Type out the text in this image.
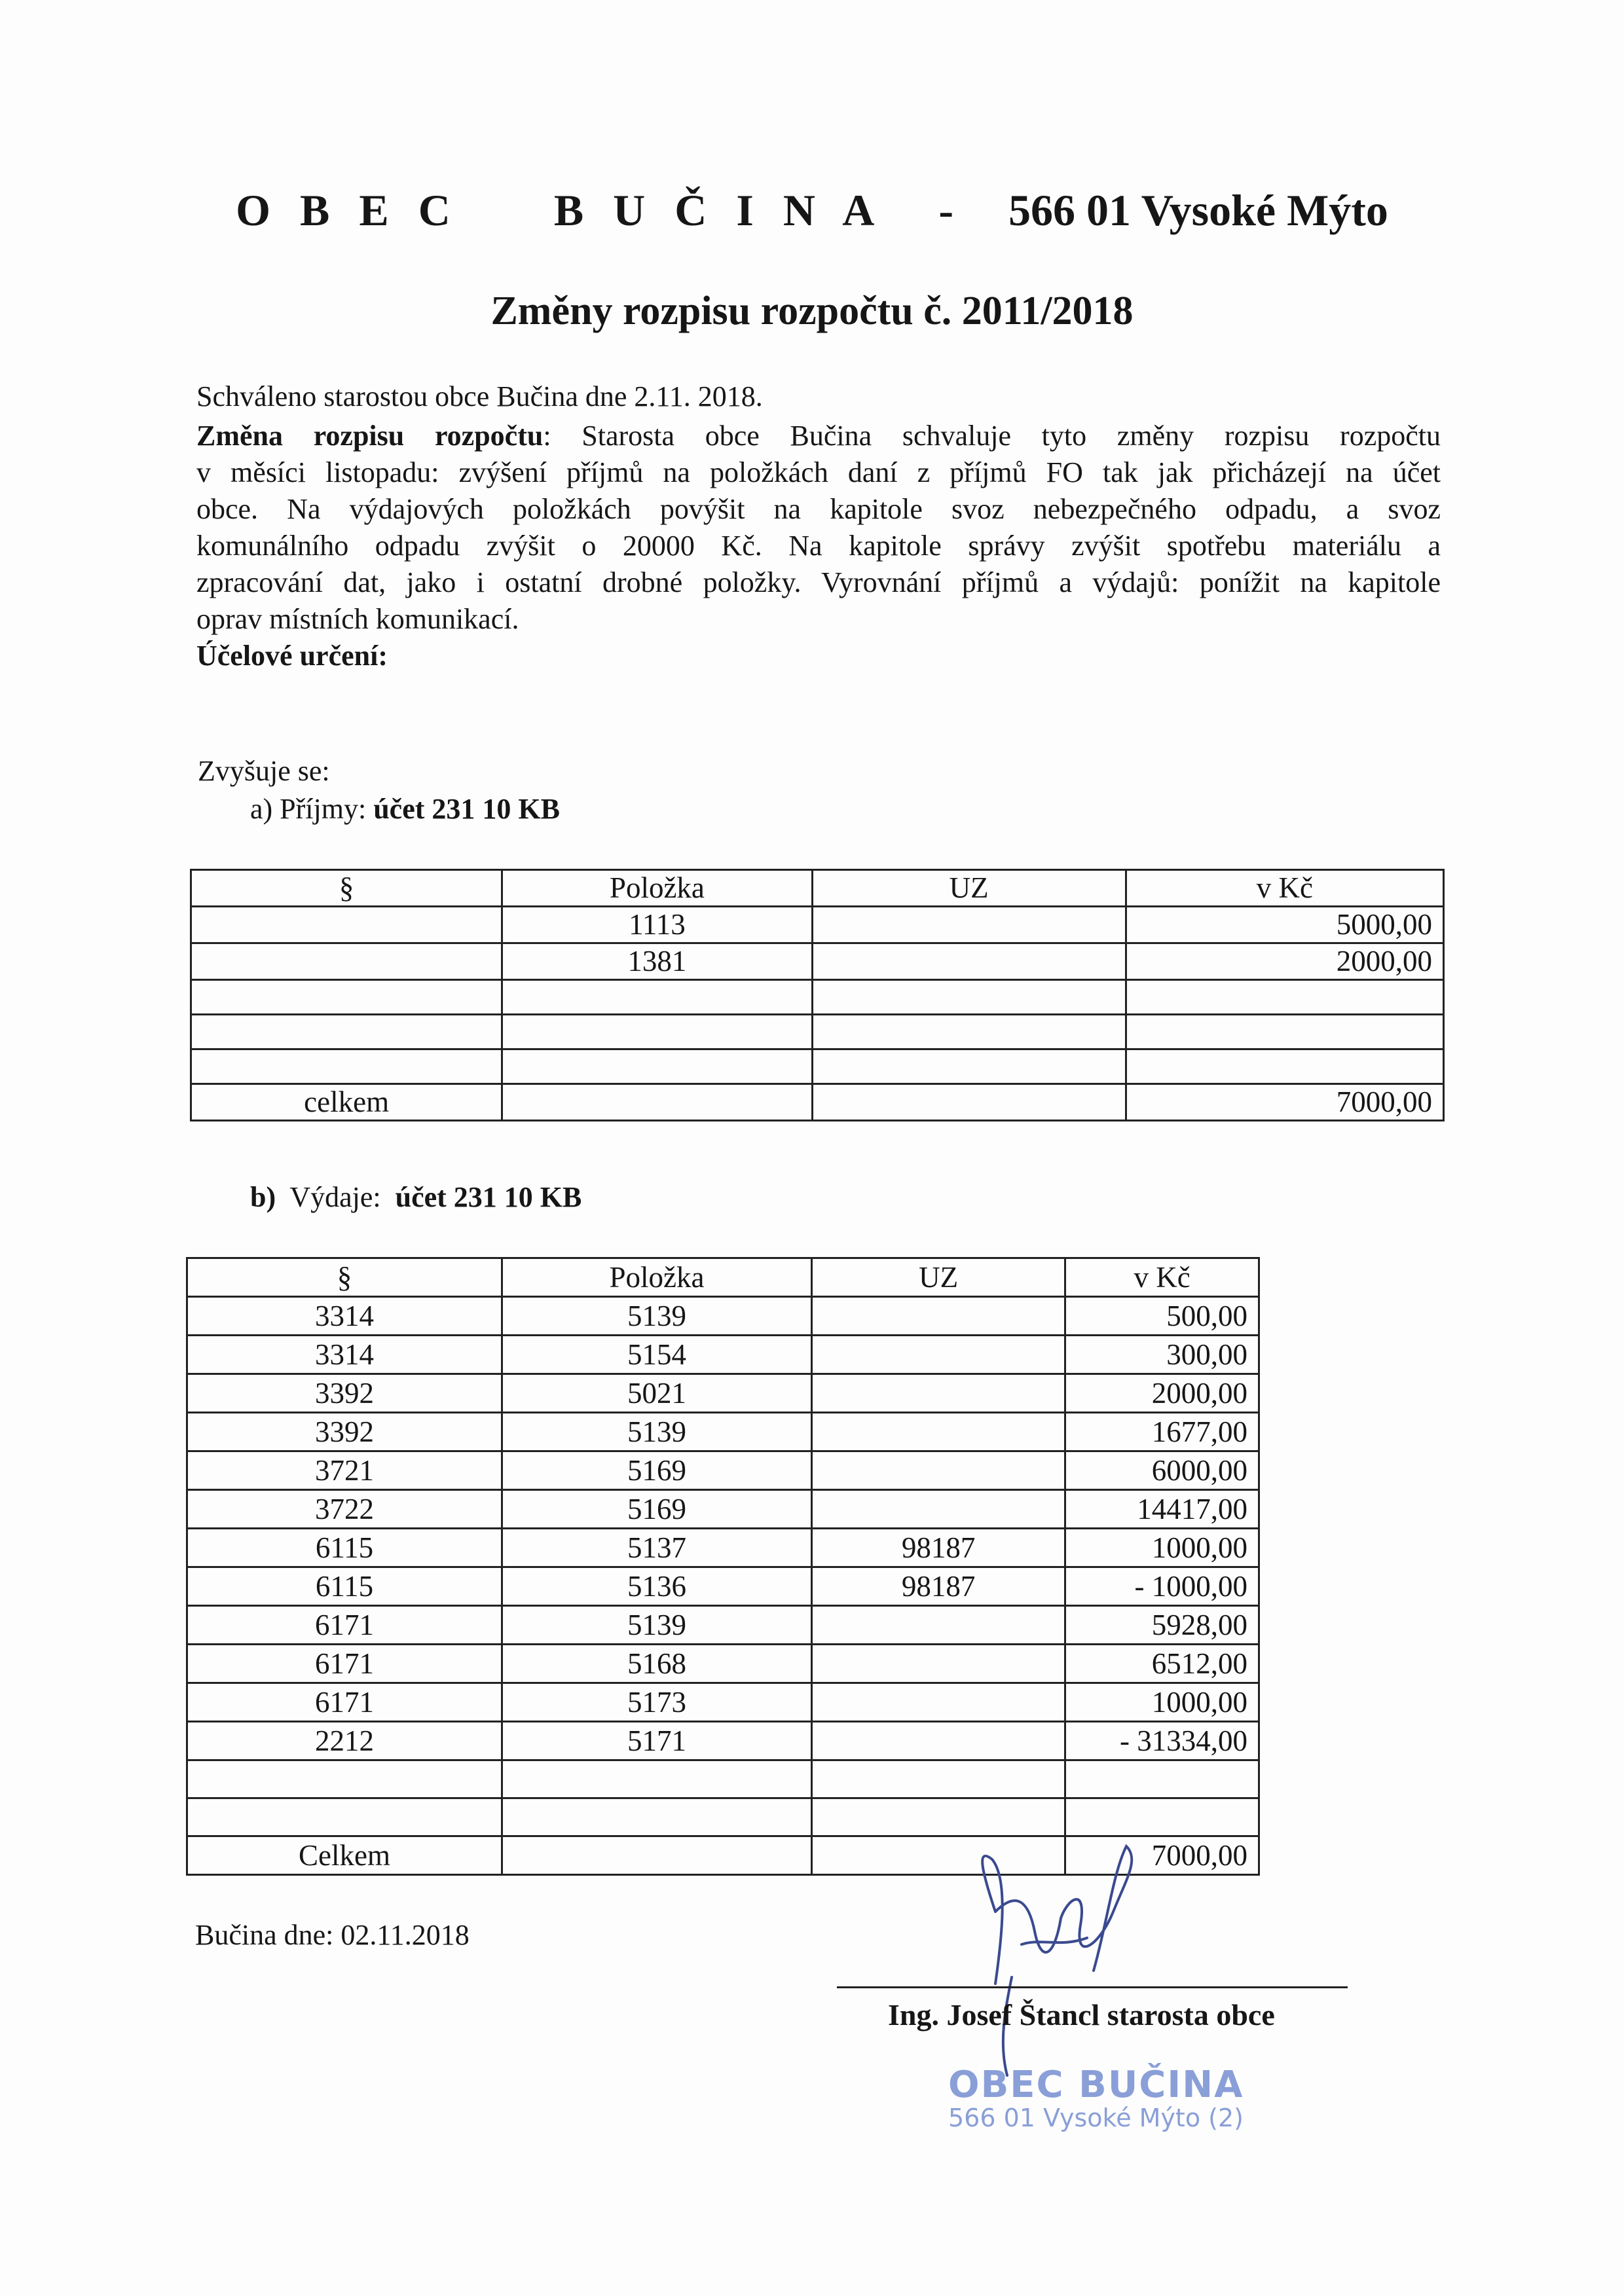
O B E C B U Č I N A - 566 01 Vysoké Mýto
Změny rozpisu rozpočtu č. 2011/2018

Schváleno starostou obce Bučina dne 2.11. 2018.

Změna rozpisu rozpočtu: Starosta obce Bučina schvaluje tyto změny rozpisu rozpočtu

v měsíci listopadu: zvýšení příjmů na položkách daní z příjmů FO tak jak přicházejí na účet

obce. Na výdajových položkách povýšit na kapitole svoz nebezpečného odpadu, a svoz

komunálního odpadu zvýšit o 20000 Kč. Na kapitole správy zvýšit spotřebu materiálu a

zpracování dat, jako i ostatní drobné položky. Vyrovnání příjmů a výdajů: ponížit na kapitole

oprav místních komunikací.

Účelové určení:

Zvyšuje se:
a) Příjmy: účet 231 10 KB
§	Položka	UZ	v Kč
	1113		5000,00
	1381		2000,00

celkem			7000,00
b)  Výdaje:  účet 231 10 KB
§	Položka	UZ	v Kč
3314	5139		500,00
3314	5154		300,00
3392	5021		2000,00
3392	5139		1677,00
3721	5169		6000,00
3722	5169		14417,00
6115	5137	98187	1000,00
6115	5136	98187	- 1000,00
6171	5139		5928,00
6171	5168		6512,00
6171	5173		1000,00
2212	5171		- 31334,00

Celkem			7000,00
Bučina dne: 02.11.2018
Ing. Josef Štancl starosta obce
OBEC BUČINA
566 01 Vysoké Mýto (2)
